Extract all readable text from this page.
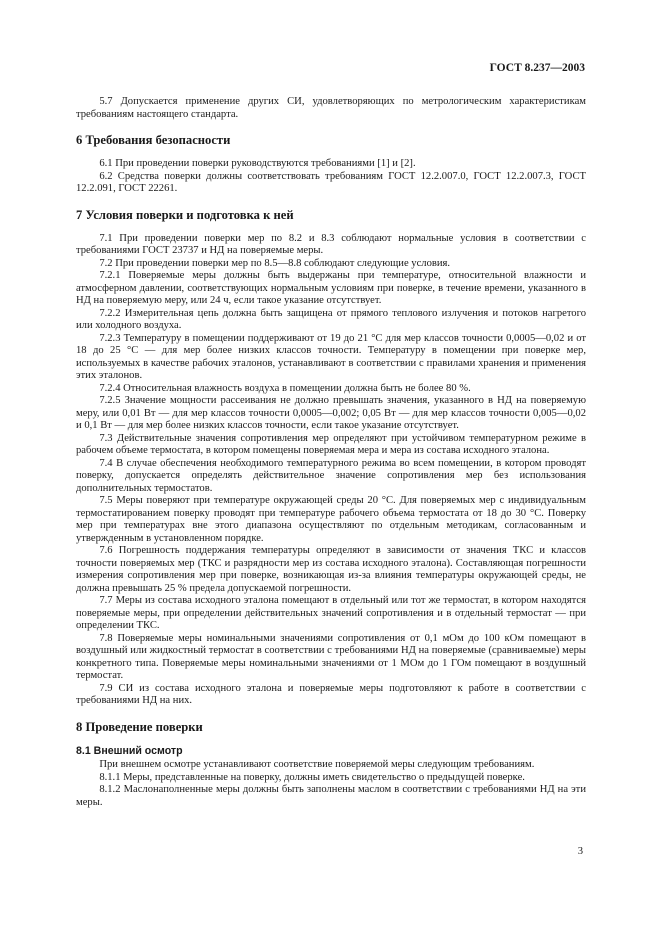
ГОСТ 8.237—2003

5.7 Допускается применение других СИ, удовлетворяющих по метрологическим характеристикам требованиям настоящего стандарта.

6 Требования безопасности

6.1 При проведении поверки руководствуются требованиями [1] и [2].

6.2 Средства поверки должны соответствовать требованиям ГОСТ 12.2.007.0, ГОСТ 12.2.007.3, ГОСТ 12.2.091, ГОСТ 22261.

7 Условия поверки и подготовка к ней

7.1 При проведении поверки мер по 8.2 и 8.3 соблюдают нормальные условия в соответствии с требованиями ГОСТ 23737 и НД на поверяемые меры.

7.2 При проведении поверки мер по 8.5—8.8 соблюдают следующие условия.

7.2.1 Поверяемые меры должны быть выдержаны при температуре, относительной влажности и атмосферном давлении, соответствующих нормальным условиям при поверке, в течение времени, указанного в НД на поверяемую меру, или 24 ч, если такое указание отсутствует.

7.2.2 Измерительная цепь должна быть защищена от прямого теплового излучения и потоков нагретого или холодного воздуха.

7.2.3 Температуру в помещении поддерживают от 19 до 21 °С для мер классов точности 0,0005—0,02 и от 18 до 25 °С — для мер более низких классов точности. Температуру в помещении при поверке мер, используемых в качестве рабочих эталонов, устанавливают в соответствии с правилами хранения и применения этих эталонов.

7.2.4 Относительная влажность воздуха в помещении должна быть не более 80 %.

7.2.5 Значение мощности рассеивания не должно превышать значения, указанного в НД на поверяемую меру, или 0,01 Вт — для мер классов точности 0,0005—0,002; 0,05 Вт — для мер классов точности 0,005—0,02 и 0,1 Вт — для мер более низких классов точности, если такое указание отсутствует.

7.3 Действительные значения сопротивления мер определяют при устойчивом температурном режиме в рабочем объеме термостата, в котором помещены поверяемая мера и мера из состава исходного эталона.

7.4 В случае обеспечения необходимого температурного режима во всем помещении, в котором проводят поверку, допускается определять действительное значение сопротивления мер без использования дополнительных термостатов.

7.5 Меры поверяют при температуре окружающей среды 20 °С. Для поверяемых мер с индивидуальным термостатированием поверку проводят при температуре рабочего объема термостата от 18 до 30 °С. Поверку мер при температурах вне этого диапазона осуществляют по отдельным методикам, согласованным и утвержденным в установленном порядке.

7.6 Погрешность поддержания температуры определяют в зависимости от значения ТКС и классов точности поверяемых мер (ТКС и разрядности мер из состава исходного эталона). Составляющая погрешности измерения сопротивления мер при поверке, возникающая из-за влияния температуры окружающей среды, не должна превышать 25 % предела допускаемой погрешности.

7.7 Меры из состава исходного эталона помещают в отдельный или тот же термостат, в котором находятся поверяемые меры, при определении действительных значений сопротивления и в отдельный термостат — при определении ТКС.

7.8 Поверяемые меры номинальными значениями сопротивления от 0,1 мОм до 100 кОм помещают в воздушный или жидкостный термостат в соответствии с требованиями НД на поверяемые (сравниваемые) меры конкретного типа. Поверяемые меры номинальными значениями от 1 МОм до 1 ГОм помещают в воздушный термостат.

7.9 СИ из состава исходного эталона и поверяемые меры подготовляют к работе в соответствии с требованиями НД на них.

8 Проведение поверки
8.1 Внешний осмотр

При внешнем осмотре устанавливают соответствие поверяемой меры следующим требованиям.

8.1.1 Меры, представленные на поверку, должны иметь свидетельство о предыдущей поверке.

8.1.2 Маслонаполненные меры должны быть заполнены маслом в соответствии с требованиями НД на эти меры.

3
